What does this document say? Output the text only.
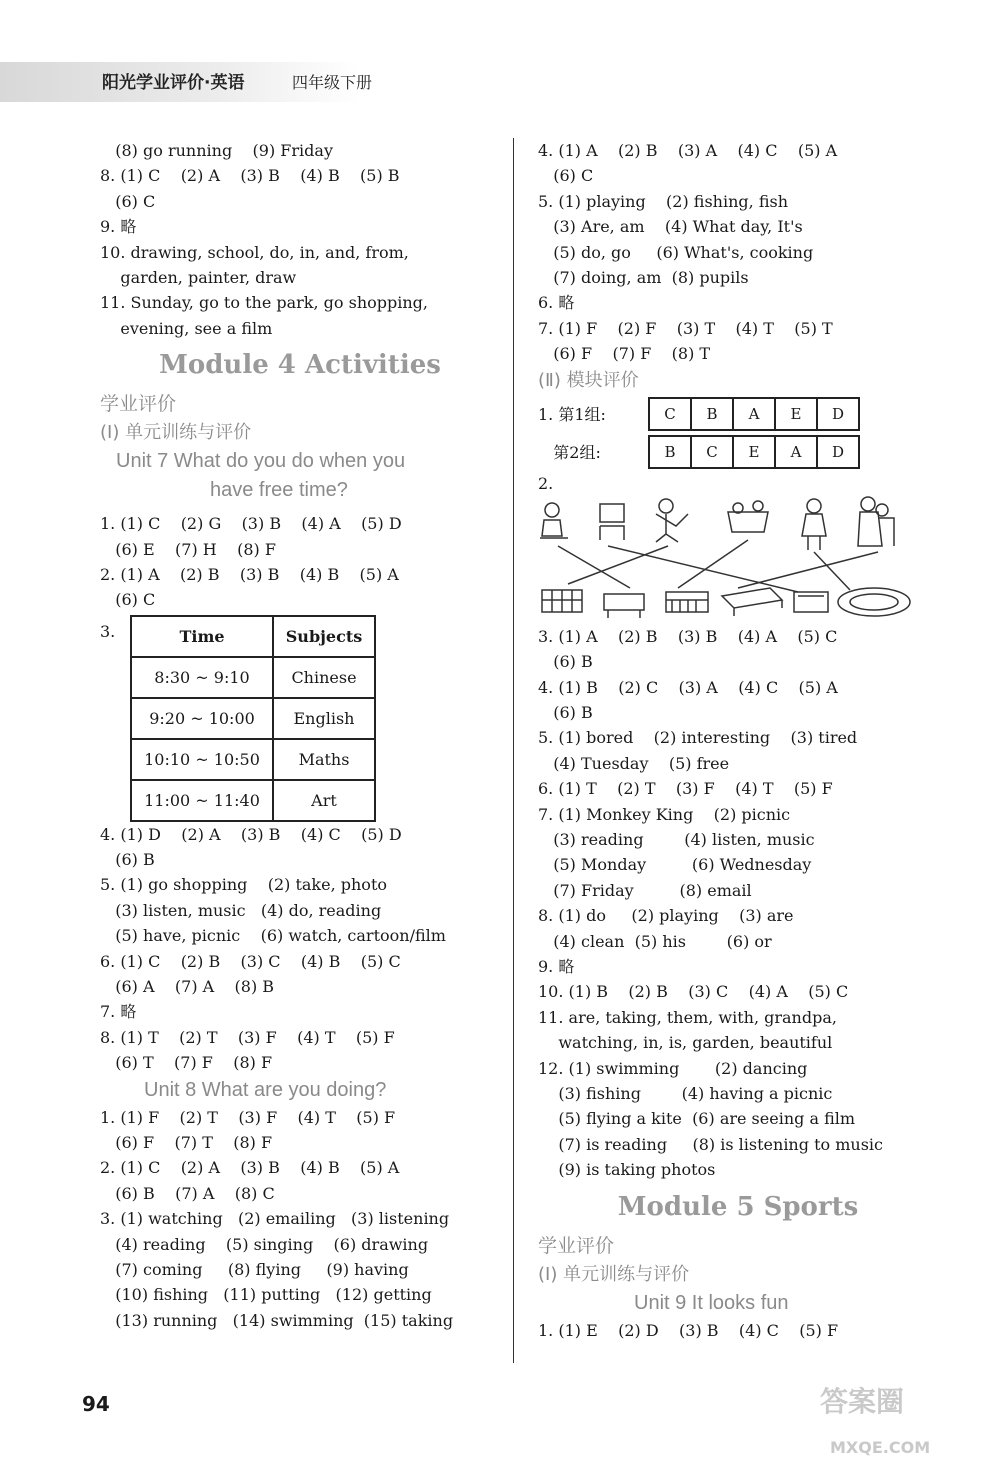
阳光学业评价·英语	四年级下册
(8) go running    (9) Friday
8. (1) C    (2) A    (3) B    (4) B    (5) B
(6) C
9. 略
10. drawing, school, do, in, and, from,
garden, painter, draw
11. Sunday, go to the park, go shopping,
evening, see a film
Module 4 Activities
学业评价
(Ⅰ) 单元训练与评价
Unit 7 What do you do when you
have free time?
1. (1) C    (2) G    (3) B    (4) A    (5) D
(6) E    (7) H    (8) F
2. (1) A    (2) B    (3) B    (4) B    (5) A
(6) C
3.	Time	Subjects
8:30 ~ 9:10	Chinese
9:20 ~ 10:00	English
10:10 ~ 10:50	Maths
11:00 ~ 11:40	Art
4. (1) D    (2) A    (3) B    (4) C    (5) D
(6) B
5. (1) go shopping    (2) take, photo
(3) listen, music   (4) do, reading
(5) have, picnic    (6) watch, cartoon/film
6. (1) C    (2) B    (3) C    (4) B    (5) C
(6) A    (7) A    (8) B
7. 略
8. (1) T    (2) T    (3) F    (4) T    (5) F
(6) T    (7) F    (8) F
Unit 8 What are you doing?
1. (1) F    (2) T    (3) F    (4) T    (5) F
(6) F    (7) T    (8) F
2. (1) C    (2) A    (3) B    (4) B    (5) A
(6) B    (7) A    (8) C
3. (1) watching   (2) emailing   (3) listening
(4) reading    (5) singing    (6) drawing
(7) coming     (8) flying     (9) having
(10) fishing   (11) putting   (12) getting
(13) running   (14) swimming  (15) taking
4. (1) A    (2) B    (3) A    (4) C    (5) A
(6) C
5. (1) playing    (2) fishing, fish
(3) Are, am    (4) What day, It's
(5) do, go     (6) What's, cooking
(7) doing, am  (8) pupils
6. 略
7. (1) F    (2) F    (3) T    (4) T    (5) T
(6) F    (7) F    (8) T
(Ⅱ) 模块评价
1. 第1组:	C	B	A	E	D
第2组:	B	C	E	A	D
2.
3. (1) A    (2) B    (3) B    (4) A    (5) C
(6) B
4. (1) B    (2) C    (3) A    (4) C    (5) A
(6) B
5. (1) bored    (2) interesting    (3) tired
(4) Tuesday    (5) free
6. (1) T    (2) T    (3) F    (4) T    (5) F
7. (1) Monkey King    (2) picnic
(3) reading        (4) listen, music
(5) Monday         (6) Wednesday
(7) Friday         (8) email
8. (1) do     (2) playing    (3) are
(4) clean  (5) his        (6) or
9. 略
10. (1) B    (2) B    (3) C    (4) A    (5) C
11. are, taking, them, with, grandpa,
watching, in, is, garden, beautiful
12. (1) swimming       (2) dancing
(3) fishing        (4) having a picnic
(5) flying a kite  (6) are seeing a film
(7) is reading     (8) is listening to music
(9) is taking photos
Module 5 Sports
学业评价
(Ⅰ) 单元训练与评价
Unit 9 It looks fun
1. (1) E    (2) D    (3) B    (4) C    (5) F
94	答案圈
MXQE.COM
